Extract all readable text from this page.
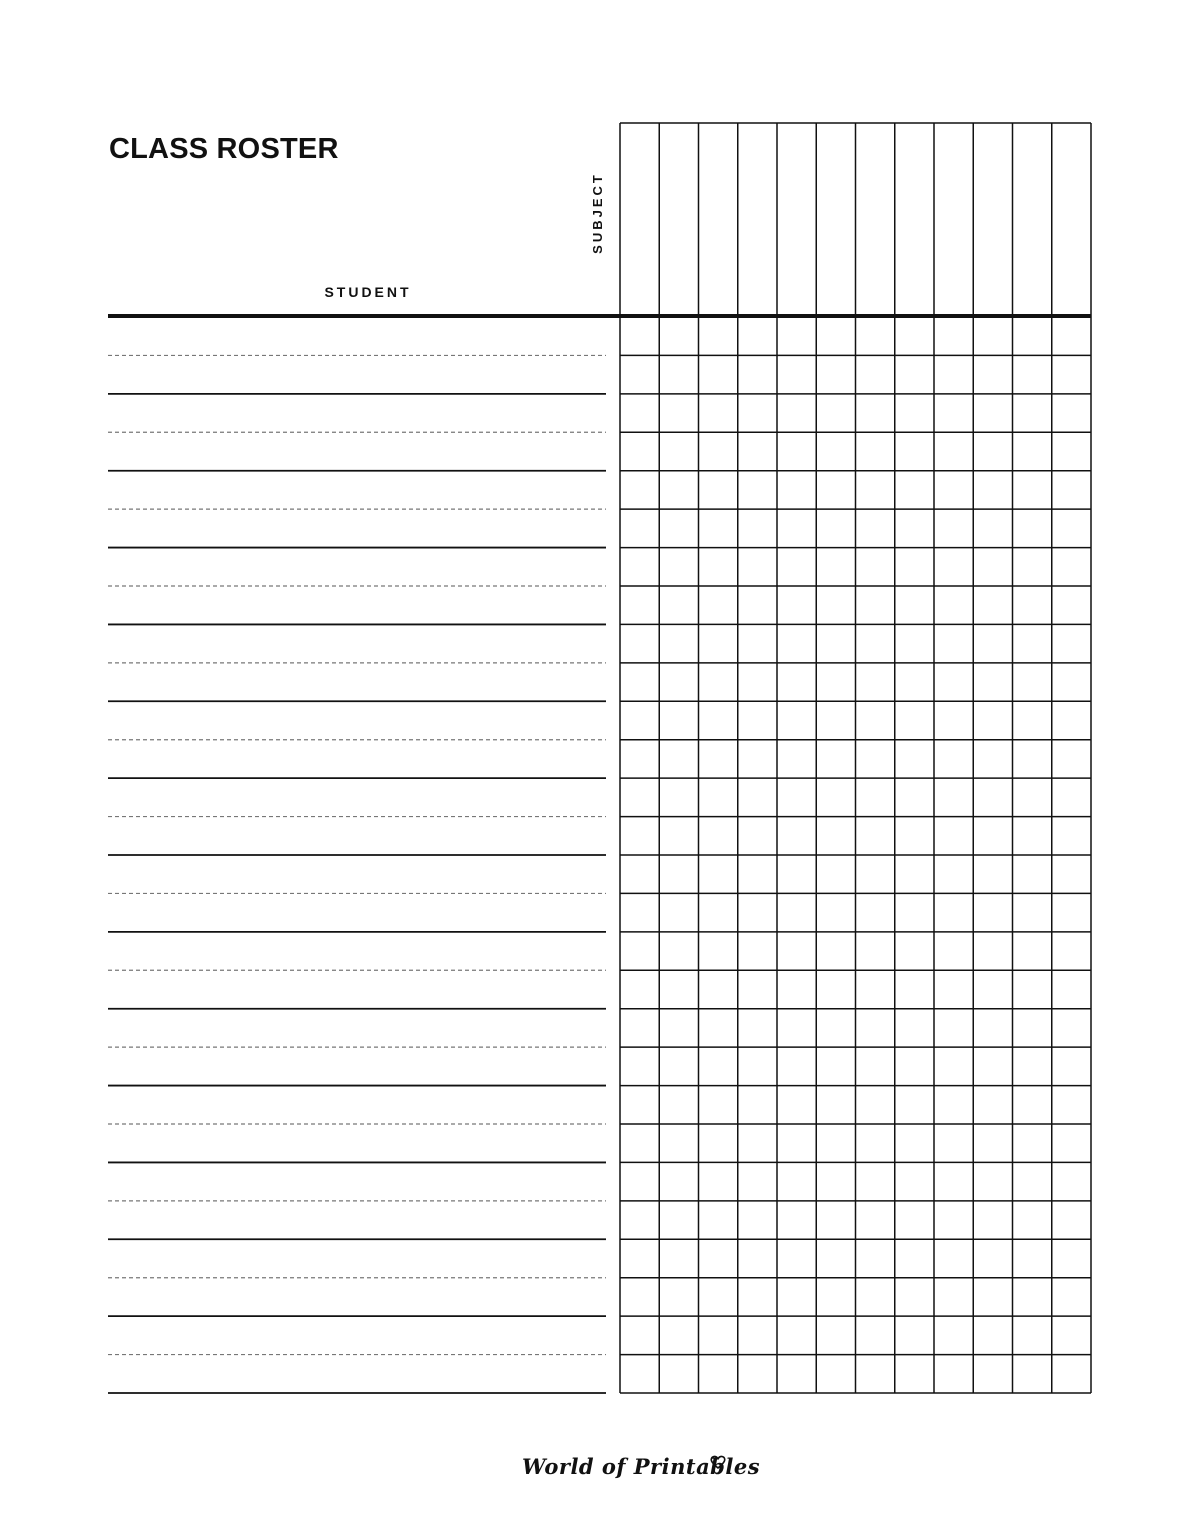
CLASS ROSTER
STUDENT
SUBJECT
World of Printables
